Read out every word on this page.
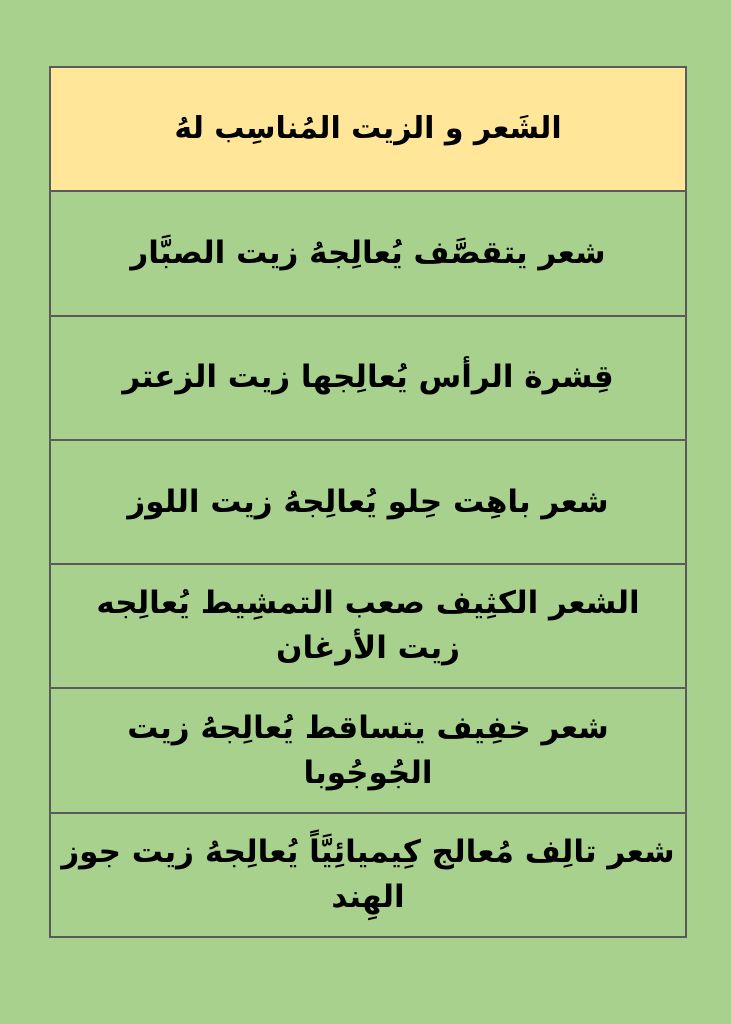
الشَعر و الزيت المُناسِب لهُ
شعر يتقصَّف يُعالِجهُ زيت الصبَّار
قِشرة الرأس يُعالِجها زيت الزعتر
شعر باهِت حِلو يُعالِجهُ زيت اللوز
الشعر الكثِيف صعب التمشِيط يُعالِجه زيت الأرغان
شعر خفِيف يتساقط يُعالِجهُ زيت الجُوجُوبا
شعر تالِف مُعالج كِيميائِيَّاً يُعالِجهُ زيت جوز الهِند
